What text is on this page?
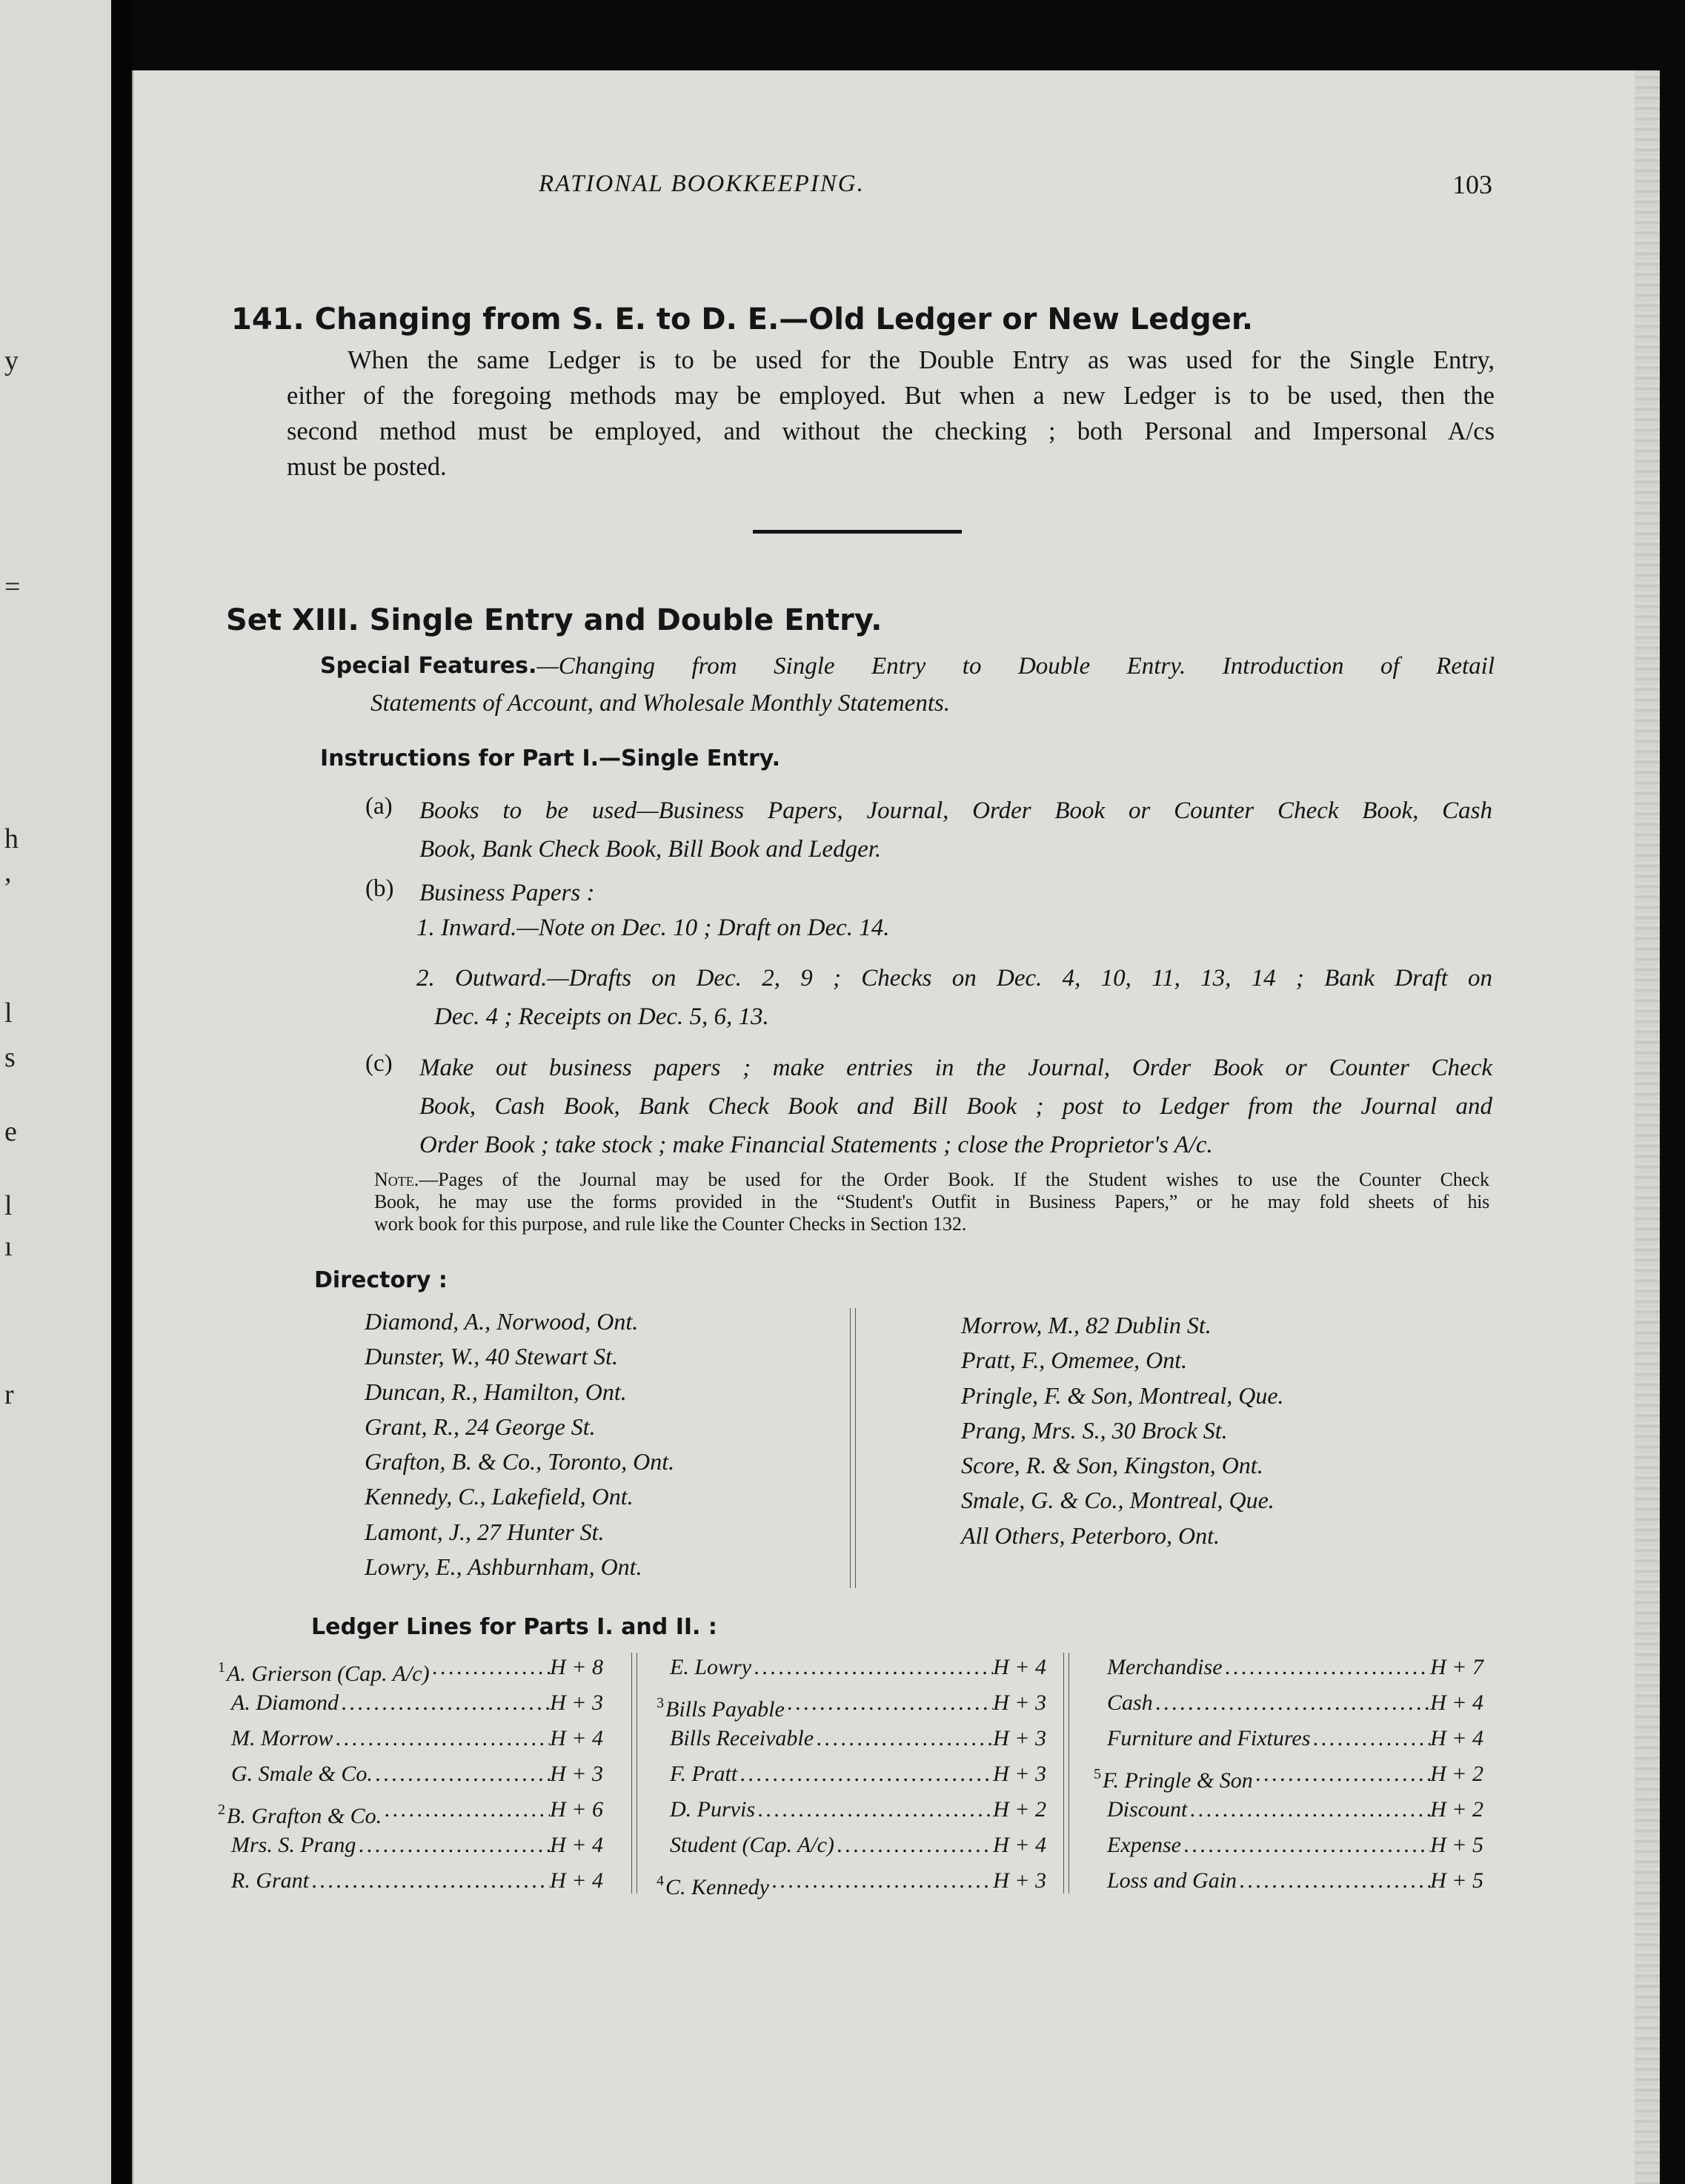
y
=
h
,
l
s
e
l
ı
r
RATIONAL BOOKKEEPING.	103
141. Changing from S. E. to D. E.—Old Ledger or New Ledger.
When the same Ledger is to be used for the Double Entry as was used for the Single Entry,
either of the foregoing methods may be employed. But when a new Ledger is to be used, then the
second method must be employed, and without the checking ; both Personal and Impersonal A/cs
must be posted.
Set XIII. Single Entry and Double Entry.
Special Features. —Changing from Single Entry to Double Entry. Introduction of Retail
Statements of Account, and Wholesale Monthly Statements.
Instructions for Part I.—Single Entry.
(a) Books to be used—Business Papers, Journal, Order Book or Counter Check Book, Cash
Book, Bank Check Book, Bill Book and Ledger.
(b) Business Papers :
1. Inward.—Note on Dec. 10 ; Draft on Dec. 14.
2. Outward.—Drafts on Dec. 2, 9 ; Checks on Dec. 4, 10, 11, 13, 14 ; Bank Draft on
Dec. 4 ; Receipts on Dec. 5, 6, 13.
(c) Make out business papers ; make entries in the Journal, Order Book or Counter Check
Book, Cash Book, Bank Check Book and Bill Book ; post to Ledger from the Journal and
Order Book ; take stock ; make Financial Statements ; close the Proprietor's A/c.
Note. —Pages of the Journal may be used for the Order Book. If the Student wishes to use the Counter Check
Book, he may use the forms provided in the “Student's Outfit in Business Papers,” or he may fold sheets of his
work book for this purpose, and rule like the Counter Checks in Section 132.
Directory :
Diamond, A., Norwood, Ont.
Dunster, W., 40 Stewart St.
Duncan, R., Hamilton, Ont.
Grant, R., 24 George St.
Grafton, B. & Co., Toronto, Ont.
Kennedy, C., Lakefield, Ont.
Lamont, J., 27 Hunter St.
Lowry, E., Ashburnham, Ont.
Morrow, M., 82 Dublin St.
Pratt, F., Omemee, Ont.
Pringle, F. & Son, Montreal, Que.
Prang, Mrs. S., 30 Brock St.
Score, R. & Son, Kingston, Ont.
Smale, G. & Co., Montreal, Que.
All Others, Peterboro, Ont.
Ledger Lines for Parts I. and II. :
$^1$A. Grierson (Cap. A/c) . . .	H + 8
A. Diamond . . .	H + 3
M. Morrow . . .	H + 4
G. Smale & Co. . . .	H + 3
$^2$B. Grafton & Co. . . .	H + 6
Mrs. S. Prang . . .	H + 4
R. Grant . . .	H + 4
E. Lowry . . .	H + 4
$^3$Bills Payable . . .	H + 3
Bills Receivable . . .	H + 3
F. Pratt . . .	H + 3
D. Purvis . . .	H + 2
Student (Cap. A/c) . . .	H + 4
$^4$C. Kennedy . . .	H + 3
Merchandise . . .	H + 7
Cash . . .	H + 4
Furniture and Fixtures . . .	H + 4
$^5$F. Pringle & Son . . .	H + 2
Discount . . .	H + 2
Expense . . .	H + 5
Loss and Gain . . .	H + 5
